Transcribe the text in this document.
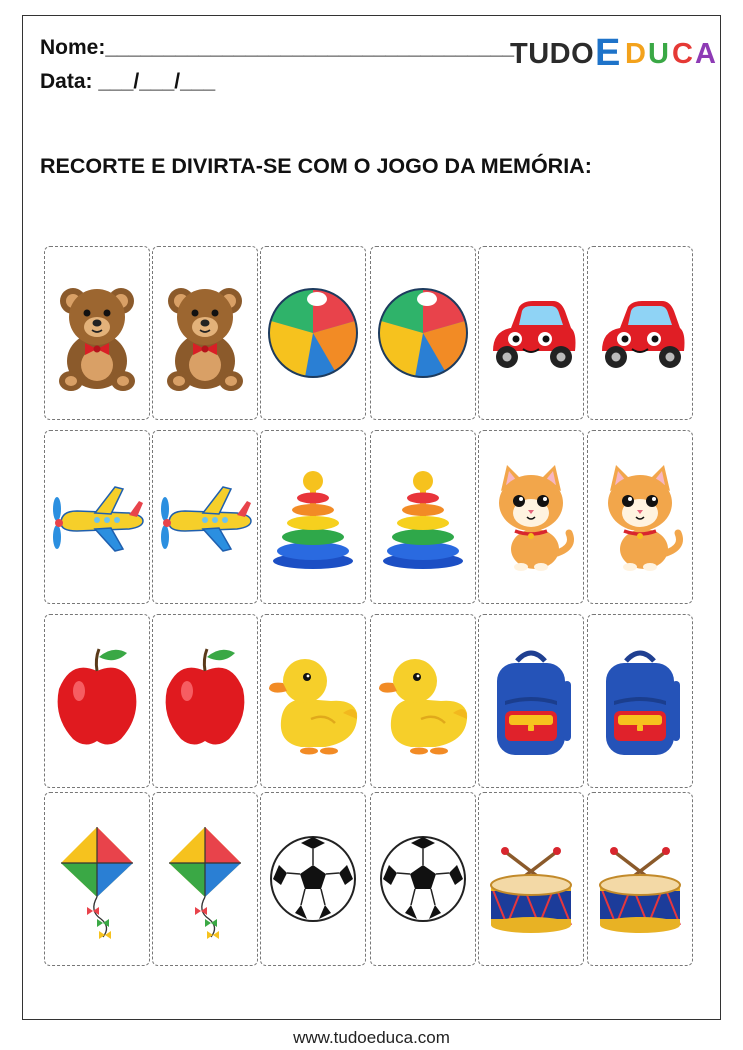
Nome:___________________________________
Data: ___/___/___
TUDO E D U C A
RECORTE E DIVIRTA-SE COM O JOGO DA MEMÓRIA:
www.tudoeduca.com
